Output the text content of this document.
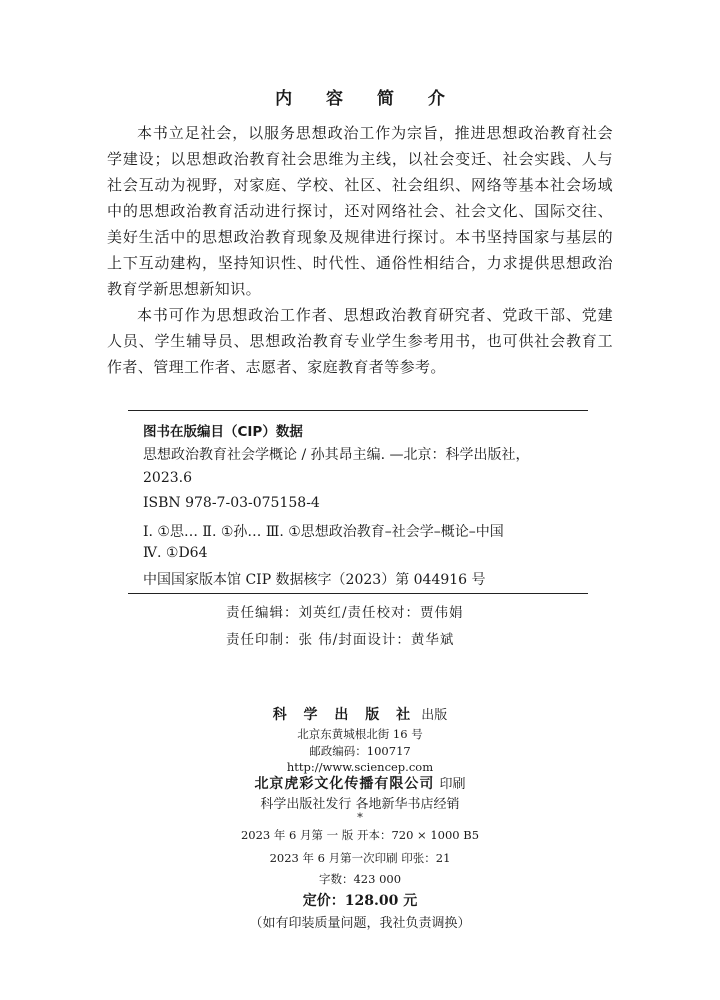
内 容 简 介

本书立足社会，以服务思想政治工作为宗旨，推进思想政治教育社会学建设；以思想政治教育社会思维为主线，以社会变迁、社会实践、人与社会互动为视野，对家庭、学校、社区、社会组织、网络等基本社会场域中的思想政治教育活动进行探讨，还对网络社会、社会文化、国际交往、美好生活中的思想政治教育现象及规律进行探讨。本书坚持国家与基层的上下互动建构，坚持知识性、时代性、通俗性相结合，力求提供思想政治教育学新思想新知识。

本书可作为思想政治工作者、思想政治教育研究者、党政干部、党建人员、学生辅导员、思想政治教育专业学生参考用书，也可供社会教育工作者、管理工作者、志愿者、家庭教育者等参考。

图书在版编目（CIP）数据
思想政治教育社会学概论 / 孙其昂主编. —北京：科学出版社，
2023.6
ISBN 978-7-03-075158-4
Ⅰ. ①思… Ⅱ. ①孙… Ⅲ. ①思想政治教育–社会学–概论–中国
Ⅳ. ①D64
中国国家版本馆 CIP 数据核字（2023）第 044916 号
责任编辑：刘英红/责任校对：贾伟娟
责任印制：张 伟/封面设计：黄华斌
科 学 出 版 社 出版
北京东黄城根北街 16 号
邮政编码：100717
http://www.sciencep.com
北京虎彩文化传播有限公司 印刷
科学出版社发行 各地新华书店经销
*
2023 年 6 月第 一 版 开本：720 × 1000 B5
2023 年 6 月第一次印刷 印张：21
字数：423 000
定价：128.00 元
（如有印装质量问题，我社负责调换）
